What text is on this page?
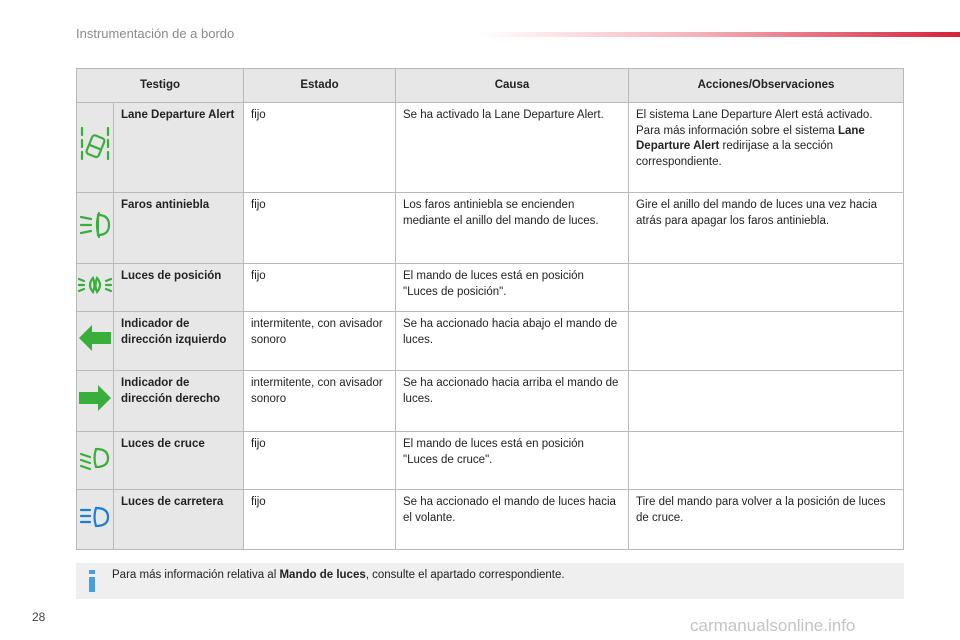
Instrumentación de a bordo
Testigo		Estado	Causa	Acciones/Observaciones
	Lane Departure Alert	fijo	Se ha activado la Lane Departure Alert.	El sistema Lane Departure Alert está activado. Para más información sobre el sistema Lane Departure Alert redirijase a la sección correspondiente.
	Faros antiniebla	fijo	Los faros antiniebla se encienden mediante el anillo del mando de luces.	Gire el anillo del mando de luces una vez hacia atrás para apagar los faros antiniebla.
	Luces de posición	fijo	El mando de luces está en posición "Luces de posición".	
	Indicador de dirección izquierdo	intermitente, con avisador sonoro	Se ha accionado hacia abajo el mando de luces.	
	Indicador de dirección derecho	intermitente, con avisador sonoro	Se ha accionado hacia arriba el mando de luces.	
	Luces de cruce	fijo	El mando de luces está en posición "Luces de cruce".	
	Luces de carretera	fijo	Se ha accionado el mando de luces hacia el volante.	Tire del mando para volver a la posición de luces de cruce.
Para más información relativa al Mando de luces, consulte el apartado correspondiente.
28	carmanualsonline.info
